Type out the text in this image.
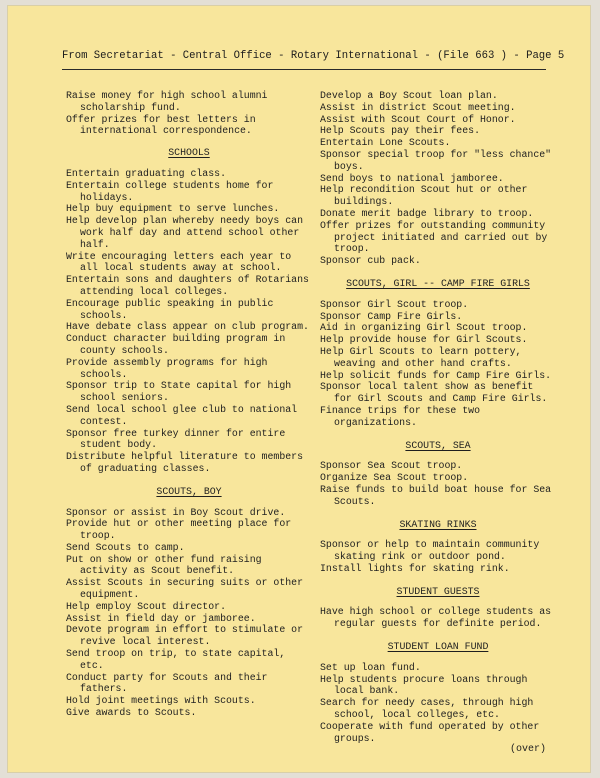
From Secretariat - Central Office - Rotary International - (File 663 ) - Page 5
Raise money for high school alumni scholarship fund.
Offer prizes for best letters in international correspondence.
SCHOOLS
Entertain graduating class.
Entertain college students home for holidays.
Help buy equipment to serve lunches.
Help develop plan whereby needy boys can work half day and attend school other half.
Write encouraging letters each year to all local students away at school.
Entertain sons and daughters of Rotarians attending local colleges.
Encourage public speaking in public schools.
Have debate class appear on club program.
Conduct character building program in county schools.
Provide assembly programs for high schools.
Sponsor trip to State capital for high school seniors.
Send local school glee club to national contest.
Sponsor free turkey dinner for entire student body.
Distribute helpful literature to members of graduating classes.
SCOUTS, BOY
Sponsor or assist in Boy Scout drive.
Provide hut or other meeting place for troop.
Send Scouts to camp.
Put on show or other fund raising activity as Scout benefit.
Assist Scouts in securing suits or other equipment.
Help employ Scout director.
Assist in field day or jamboree.
Devote program in effort to stimulate or revive local interest.
Send troop on trip, to state capital, etc.
Conduct party for Scouts and their fathers.
Hold joint meetings with Scouts.
Give awards to Scouts.
Develop a Boy Scout loan plan.
Assist in district Scout meeting.
Assist with Scout Court of Honor.
Help Scouts pay their fees.
Entertain Lone Scouts.
Sponsor special troop for "less chance" boys.
Send boys to national jamboree.
Help recondition Scout hut or other buildings.
Donate merit badge library to troop.
Offer prizes for outstanding community project initiated and carried out by troop.
Sponsor cub pack.
SCOUTS, GIRL -- CAMP FIRE GIRLS
Sponsor Girl Scout troop.
Sponsor Camp Fire Girls.
Aid in organizing Girl Scout troop.
Help provide house for Girl Scouts.
Help Girl Scouts to learn pottery, weaving and other hand crafts.
Help solicit funds for Camp Fire Girls.
Sponsor local talent show as benefit for Girl Scouts and Camp Fire Girls.
Finance trips for these two organizations.
SCOUTS, SEA
Sponsor Sea Scout troop.
Organize Sea Scout troop.
Raise funds to build boat house for Sea Scouts.
SKATING RINKS
Sponsor or help to maintain community skating rink or outdoor pond.
Install lights for skating rink.
STUDENT GUESTS
Have high school or college students as regular guests for definite period.
STUDENT LOAN FUND
Set up loan fund.
Help students procure loans through local bank.
Search for needy cases, through high school, local colleges, etc.
Cooperate with fund operated by other groups.
(over)
